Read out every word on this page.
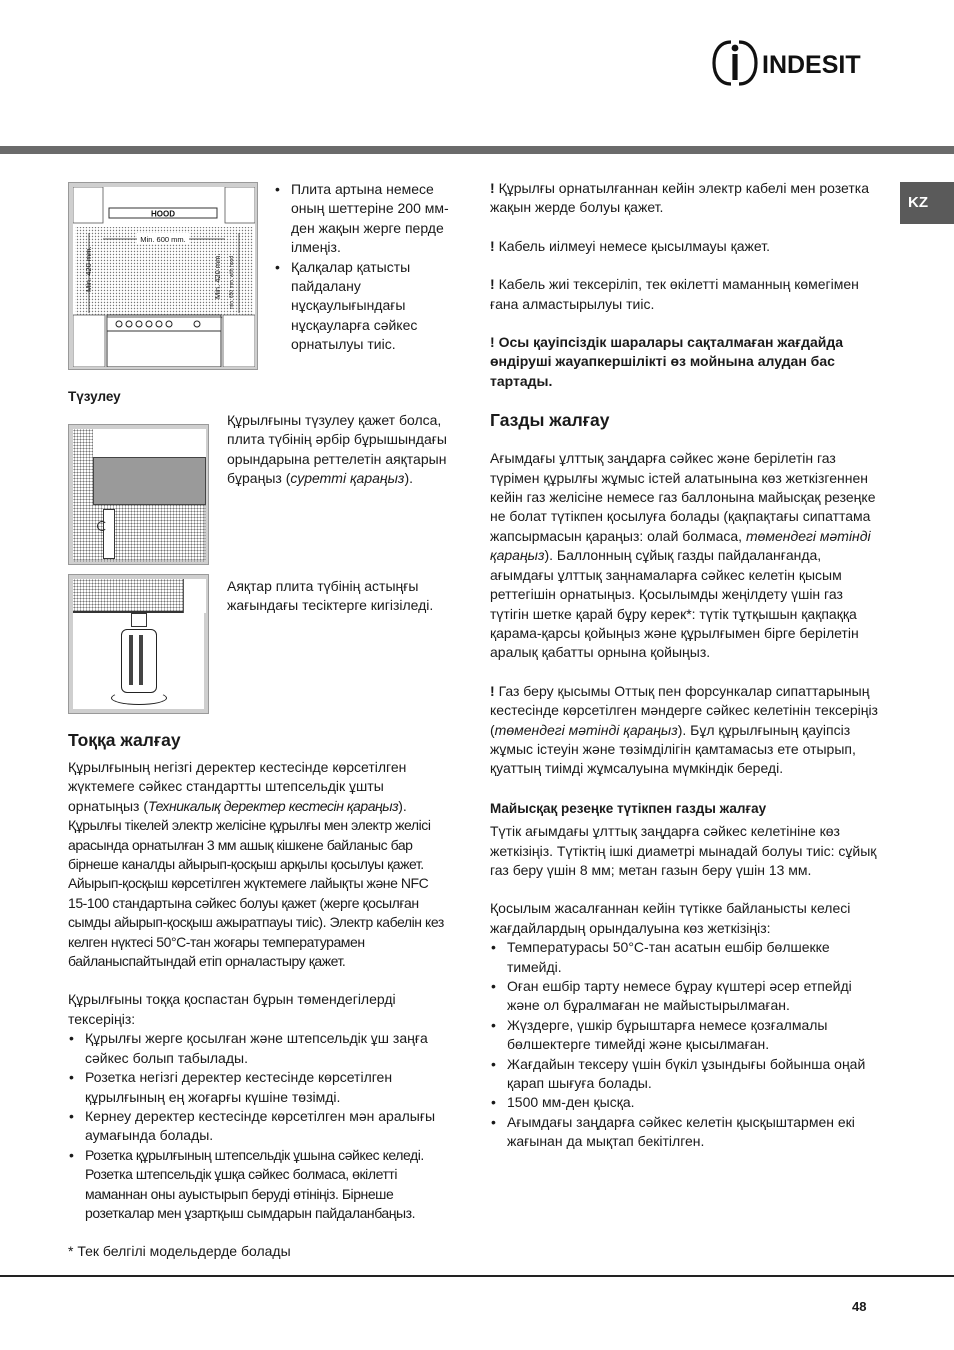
INDESIT
KZ
HOOD
Min. 600 mm.
Min. 420 mm.	Min. 420 mm. min. 650 mm. with hood
• Плита артына немесе оның шеттеріне 200 мм-ден жақын жерге перде ілмеңіз.
• Қалқалар қатысты пайдалану нұсқаулығындағы нұсқауларға сәйкес орнатылуы тиіс.
Түзулеу
Құрылғыны түзулеу қажет болса, плита түбінің әрбір бұрышындағы орындарына реттелетін аяқтарын бұраңыз (суретті қараңыз).
Аяқтар плита түбінің астыңғы жағындағы тесіктерге кигізіледі.
Тоққа жалғау

Құрылғының негізгі деректер кестесінде көрсетілген жүктемеге сәйкес стандартты штепсельдік ұшты орнатыңыз (Техникалық деректер кестесін қараңыз).

Құрылғы тікелей электр желісіне құрылғы мен электр желісі арасында орнатылған 3 мм ашық кішкене байланыс бар бірнеше каналды айырып-қосқыш арқылы қосылуы қажет. Айырып-қосқыш көрсетілген жүктемеге лайықты және NFC 15-100 стандартына сәйкес болуы қажет (жерге қосылған сымды айырып-қосқыш ажыратпауы тиіс). Электр кабелін кез келген нүктесі 50°C-тан жоғары температурамен байланыспайтындай етіп орналастыру қажет.

Құрылғыны тоққа қоспастан бұрын төмендегілерді тексеріңіз:

• Құрылғы жерге қосылған және штепсельдік ұш заңға сәйкес болып табылады.
• Розетка негізгі деректер кестесінде көрсетілген құрылғының ең жоғарғы күшіне төзімді.
• Кернеу деректер кестесінде көрсетілген мән аралығы аумағында болады.
• Розетка құрылғының штепсельдік ұшына сәйкес келеді. Розетка штепсельдік ұшқа сәйкес болмаса, өкілетті маманнан оны ауыстырып беруді өтініңіз. Бірнеше розеткалар мен ұзартқыш сымдарын пайдаланбаңыз.

* Тек белгілі модельдерде болады

! Құрылғы орнатылғаннан кейін электр кабелі мен розетка жақын жерде болуы қажет.

! Кабель иілмеуі немесе қысылмауы қажет.

! Кабель жиі тексеріліп, тек өкілетті маманның көмегімен ғана алмастырылуы тиіс.

! Осы қауіпсіздік шаралары сақталмаған жағдайда өндіруші жауапкершілікті өз мойнына алудан бас тартады.

Газды жалғау

Ағымдағы ұлттық заңдарға сәйкес және берілетін газ түрімен құрылғы жұмыс істей алатынына көз жеткізгеннен кейін газ желісіне немесе газ баллонына майысқақ резеңке не болат түтікпен қосылуға болады (қақпақтағы сипаттама жапсырмасын қараңыз: олай болмаса, төмендегі мәтінді қараңыз). Баллонның сұйық газды пайдаланғанда, ағымдағы ұлттық заңнамаларға сәйкес келетін қысым реттегішін орнатыңыз. Қосылымды жеңілдету үшін газ түтігін шетке қарай бұру керек*: түтік тұтқышын қақпаққа қарама-қарсы қойыңыз және құрылғымен бірге берілетін аралық қабатты орнына қойыңыз.

! Газ беру қысымы Оттық пен форсункалар сипаттарының кестесінде көрсетілген мәндерге сәйкес келетінін тексеріңіз (төмендегі мәтінді қараңыз). Бұл құрылғының қауіпсіз жұмыс істеуін және төзімділігін қамтамасыз ете отырып, қуаттың тиімді жұмсалуына мүмкіндік береді.

Майысқақ резеңке түтікпен газды жалғау

Түтік ағымдағы ұлттық заңдарға сәйкес келетініне көз жеткізіңіз. Түтіктің ішкі диаметрі мынадай болуы тиіс: сұйық газ беру үшін 8 мм; метан газын беру үшін 13 мм.

Қосылым жасалғаннан кейін түтікке байланысты келесі жағдайлардың орындалуына көз жеткізіңіз:

• Температурасы 50°C-тан асатын ешбір бөлшекке тимейді.
• Оған ешбір тарту немесе бұрау күштері әсер етпейді және ол бұралмаған не майыстырылмаған.
• Жүздерге, үшкір бұрыштарға немесе қозғалмалы бөлшектерге тимейді және қысылмаған.
• Жағдайын тексеру үшін бүкіл ұзындығы бойынша оңай қарап шығуға болады.
• 1500 мм-ден қысқа.
• Ағымдағы заңдарға сәйкес келетін қысқыштармен екі жағынан да мықтап бекітілген.
48
